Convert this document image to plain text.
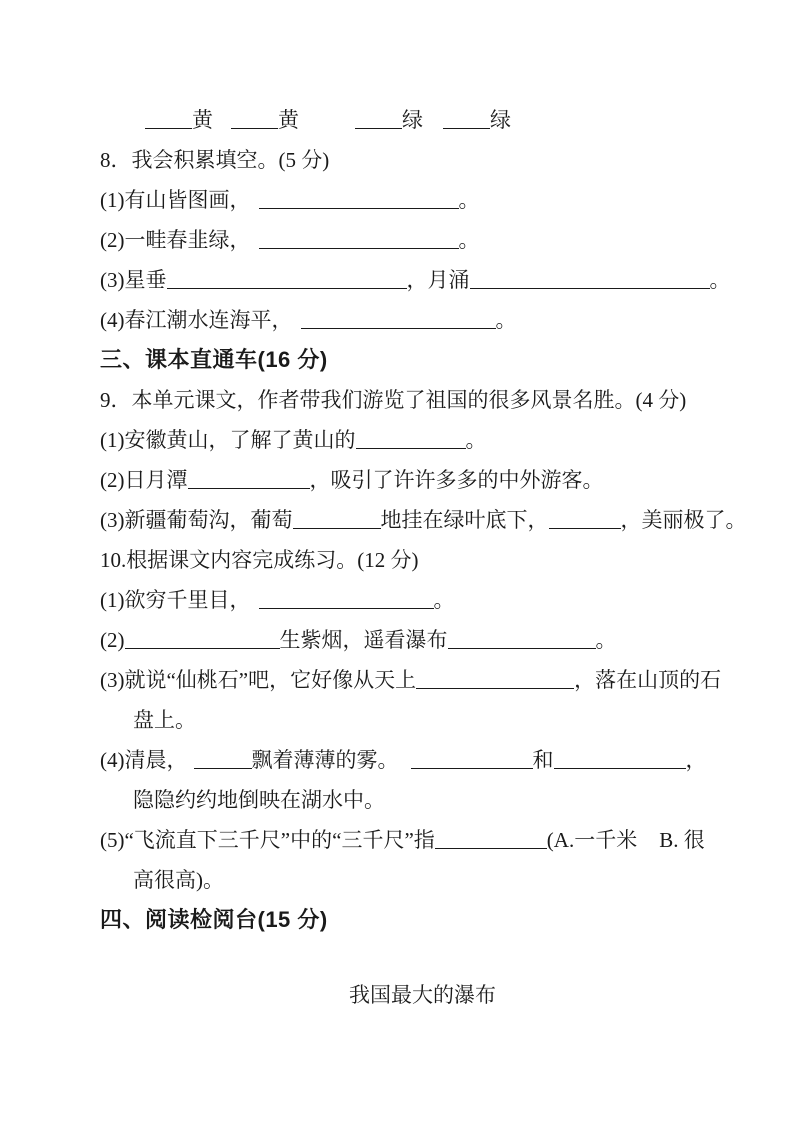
黄	黄	绿	绿
8．我会积累填空。(5 分)
(1)有山皆图画，	。
(2)一畦春韭绿，	。
(3)星垂	，月涌	。
(4)春江潮水连海平，	。
三、课本直通车(16 分)
9．本单元课文，作者带我们游览了祖国的很多风景名胜。(4 分)
(1)安徽黄山，了解了黄山的	。
(2)日月潭	，吸引了许许多多的中外游客。
(3)新疆葡萄沟，葡萄	地挂在绿叶底下，	，美丽极了。
10.根据课文内容完成练习。(12 分)
(1)欲穷千里目，	。
(2)	生紫烟，遥看瀑布	。
(3)就说“仙桃石”吧，它好像从天上	，落在山顶的石
盘上。
(4)清晨，	飘着薄薄的雾。	和	，
隐隐约约地倒映在湖水中。
(5)“飞流直下三千尺”中的“三千尺”指	(A.一千米 B. 很
高很高)。
四、阅读检阅台(15 分)
我国最大的瀑布
